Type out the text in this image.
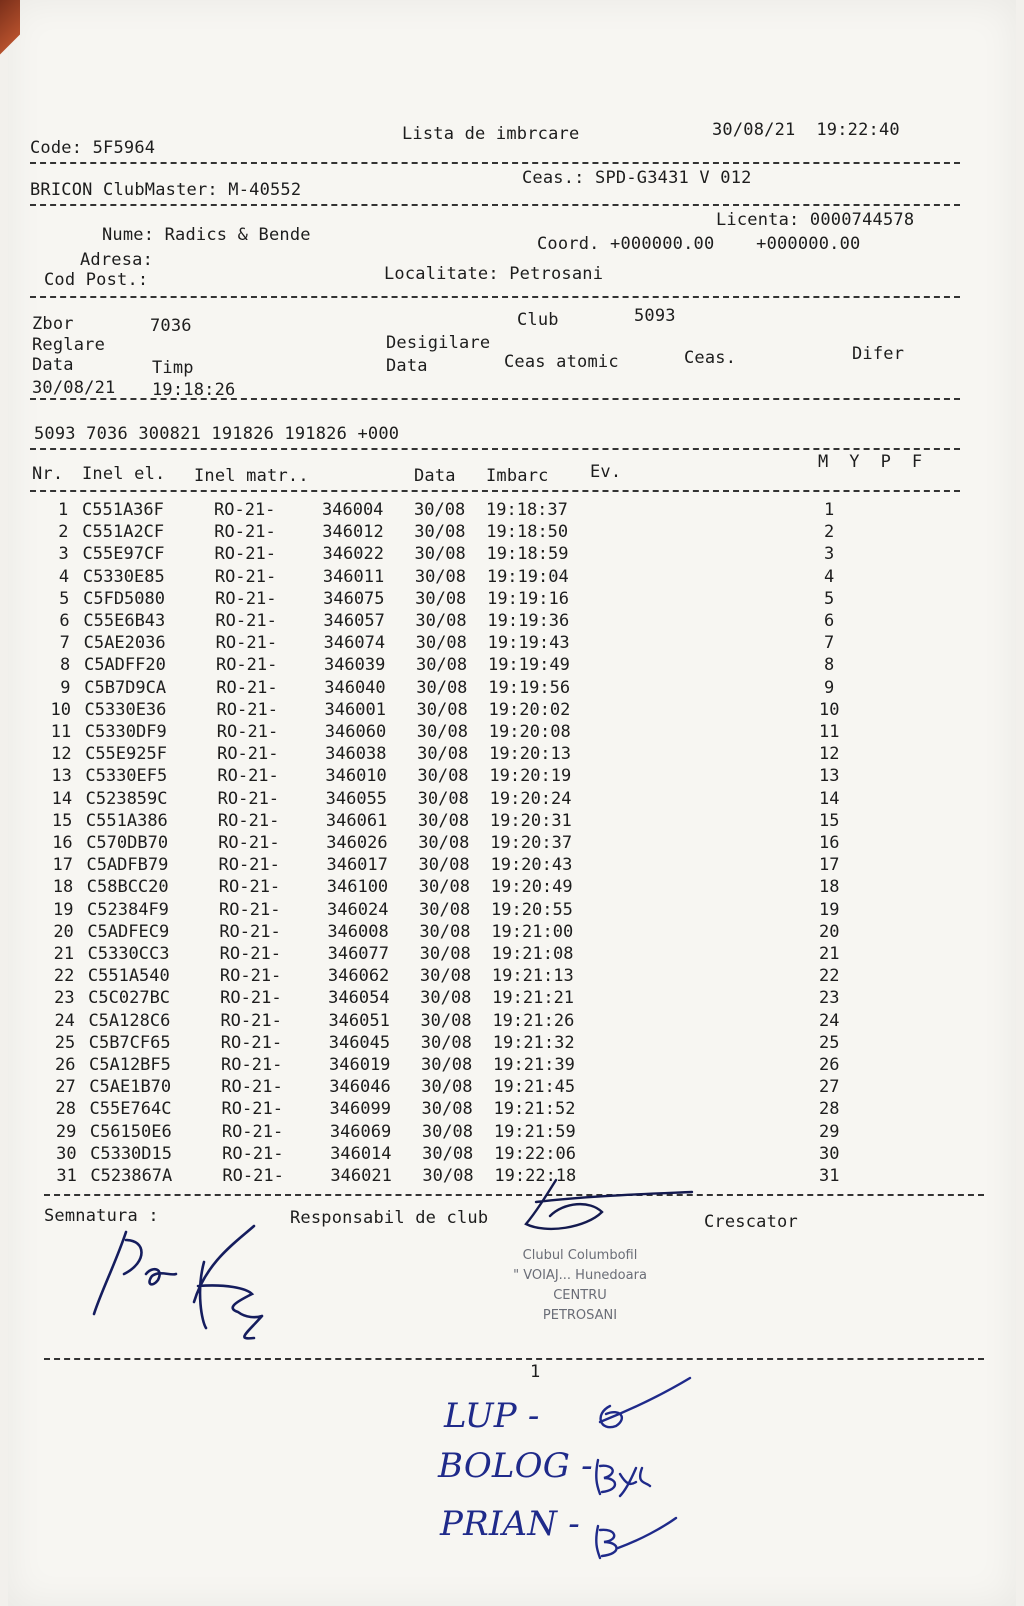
Code: 5F5964
Lista de imbrcare	30/08/21  19:22:40
BRICON ClubMaster: M-40552
Ceas.: SPD-G3431 V 012
Licenta: 0000744578
Nume: Radics & Bende	Coord. +000000.00    +000000.00
Adresa:
Cod Post.:	Localitate: Petrosani
Zbor	7036	Club	5093
Reglare	Desigilare
Data	Timp	Data	Ceas atomic	Ceas.	Difer
30/08/21 19:18:26
5093 7036 300821 191826 191826 +000
Nr. Inel el. Inel matr..	Data Imbarc Ev.	M  Y  P  F
1 C551A36F	RO-21-	346004 30/08 19:18:37	1
2 C551A2CF	RO-21-	346012 30/08 19:18:50	2
3 C55E97CF	RO-21-	346022 30/08 19:18:59	3
4 C5330E85	RO-21-	346011 30/08 19:19:04	4
5 C5FD5080	RO-21-	346075 30/08 19:19:16	5
6 C55E6B43	RO-21-	346057 30/08 19:19:36	6
7 C5AE2036	RO-21-	346074 30/08 19:19:43	7
8 C5ADFF20	RO-21-	346039 30/08 19:19:49	8
9 C5B7D9CA	RO-21-	346040 30/08 19:19:56	9
10 C5330E36	RO-21-	346001 30/08 19:20:02	10
11 C5330DF9	RO-21-	346060 30/08 19:20:08	11
12 C55E925F	RO-21-	346038 30/08 19:20:13	12
13 C5330EF5	RO-21-	346010 30/08 19:20:19	13
14 C523859C	RO-21-	346055 30/08 19:20:24	14
15 C551A386	RO-21-	346061 30/08 19:20:31	15
16 C570DB70	RO-21-	346026 30/08 19:20:37	16
17 C5ADFB79	RO-21-	346017 30/08 19:20:43	17
18 C58BCC20	RO-21-	346100 30/08 19:20:49	18
19 C52384F9	RO-21-	346024 30/08 19:20:55	19
20 C5ADFEC9	RO-21-	346008 30/08 19:21:00	20
21 C5330CC3	RO-21-	346077 30/08 19:21:08	21
22 C551A540	RO-21-	346062 30/08 19:21:13	22
23 C5C027BC	RO-21-	346054 30/08 19:21:21	23
24 C5A128C6	RO-21-	346051 30/08 19:21:26	24
25 C5B7CF65	RO-21-	346045 30/08 19:21:32	25
26 C5A12BF5	RO-21-	346019 30/08 19:21:39	26
27 C5AE1B70	RO-21-	346046 30/08 19:21:45	27
28 C55E764C	RO-21-	346099 30/08 19:21:52	28
29 C56150E6	RO-21-	346069 30/08 19:21:59	29
30 C5330D15	RO-21-	346014 30/08 19:22:06	30
31 C523867A	RO-21-	346021 30/08 19:22:18	31
Semnatura :	Responsabil de club	Crescator
Clubul Columbofil
" VOIAJ... Hunedoara
CENTRU
PETROSANI
1
LUP -
BOLOG -
PRIAN -
